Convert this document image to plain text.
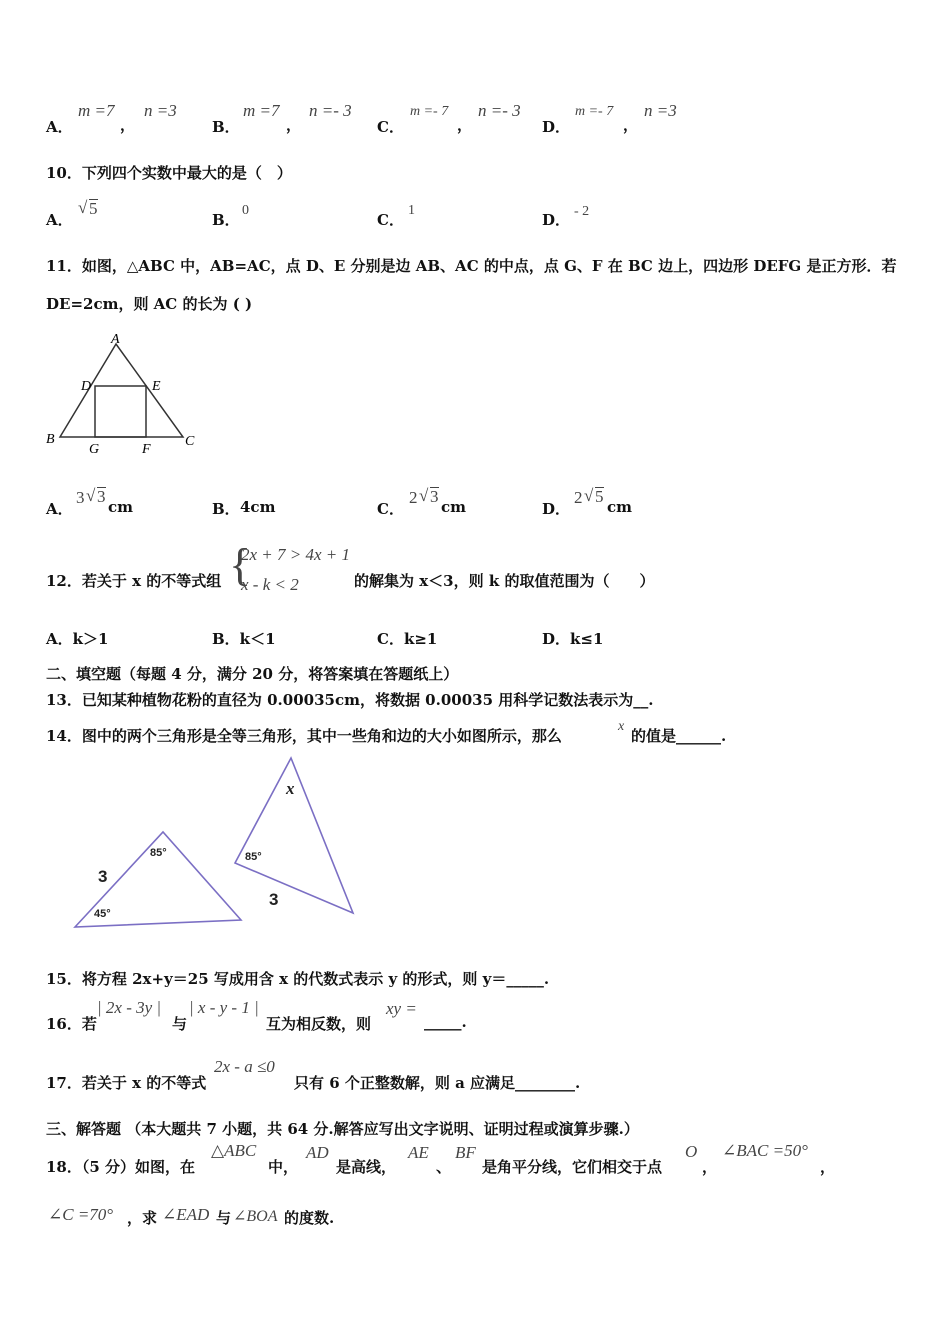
A．
m =7
，
n =3
B．
m =7
，
n =- 3
C．
m =- 7
，
n =- 3
D．
m =- 7
，
n =3
10．下列四个实数中最大的是（　）
A．
√ 5
B．
0
C．
1
D． - 2
11．如图，△ABC 中，AB=AC，点 D、E 分别是边 AB、AC 的中点，点 G、F 在 BC 边上，四边形 DEFG 是正方形．若
DE=2cm，则 AC 的长为 ( )
A
D	E
B	C
G	F
A．
3 √ 3
cm	B． 4cm	C．
2 √ 3
cm	D．
2 √ 5
cm
12．若关于 x 的不等式组 {
2x + 7 > 4x + 1
x - k < 2	的解集为 x＜3，则 k 的取值范围为（　　）
A．k＞1	B．k＜1	C．k≥1	D．k≤1
二、填空题（每题 4 分，满分 20 分，将答案填在答题纸上）
13．已知某种植物花粉的直径为 0.00035cm，将数据 0.00035 用科学记数法表示为__.
14．图中的两个三角形是全等三角形，其中一些角和边的大小如图所示，那么
x
的值是______.
3
85°
45°
x
85°
3
15．将方程 2x+y＝25 写成用含 x 的代数式表示 y 的形式，则 y＝_____.
16．若
| 2x - 3y |
与
| x - y - 1 |
互为相反数，则
xy =
_____.
17．若关于 x 的不等式
2x - a ≤0
只有 6 个正整数解，则 a 应满足________.
三、解答题 （本大题共 7 小题，共 64 分.解答应写出文字说明、证明过程或演算步骤.）
18．（5 分）如图，在
△ABC
中，
AD
是高线，
AE
、
BF
是角平分线，它们相交于点
O
，
∠BAC =50°
，
∠C =70° ，求 ∠EAD 与 ∠BOA 的度数.
